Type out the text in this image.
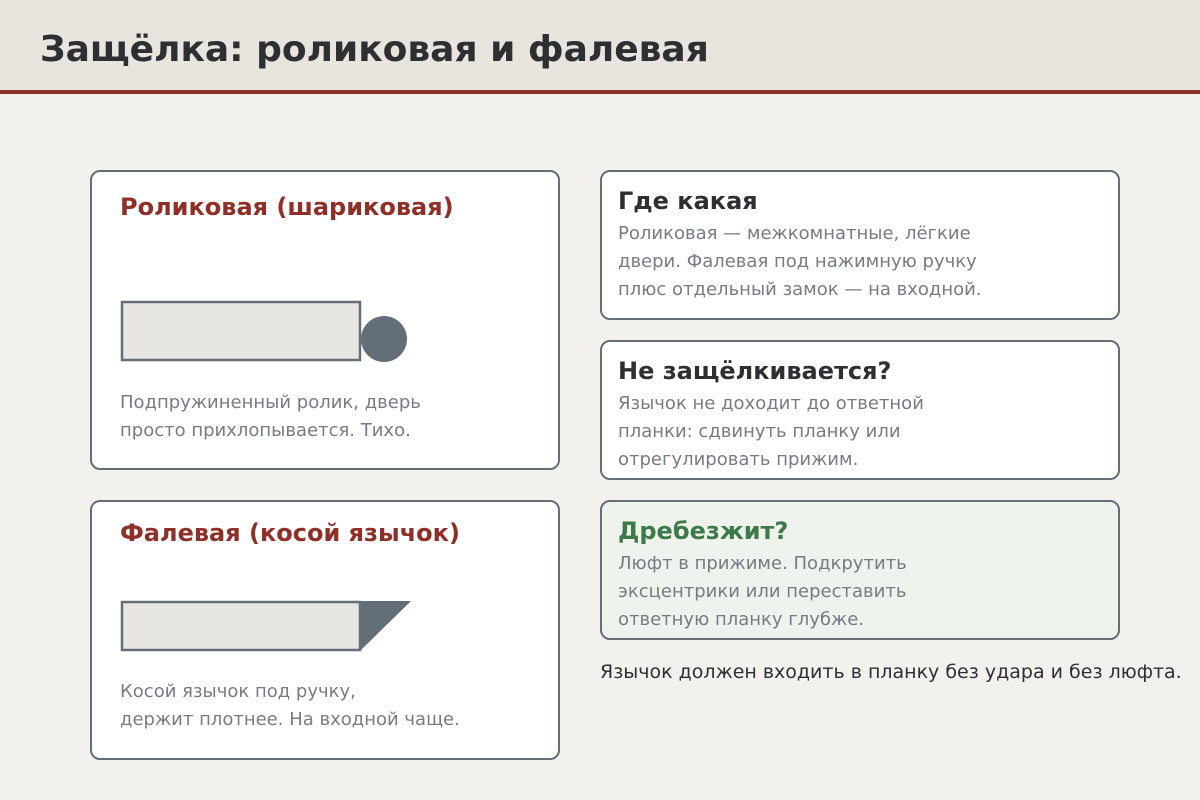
Защёлка: роликовая и фалевая
Роликовая (шариковая)

Подпружиненный ролик, дверь
просто прихлопывается. Тихо.

Фалевая (косой язычок)

Косой язычок под ручку,
держит плотнее. На входной чаще.

Где какая

Роликовая — межкомнатные, лёгкие
двери. Фалевая под нажимную ручку
плюс отдельный замок — на входной.

Не защёлкивается?

Язычок не доходит до ответной
планки: сдвинуть планку или
отрегулировать прижим.

Дребезжит?

Люфт в прижиме. Подкрутить
эксцентрики или переставить
ответную планку глубже.

Язычок должен входить в планку без удара и без люфта.
